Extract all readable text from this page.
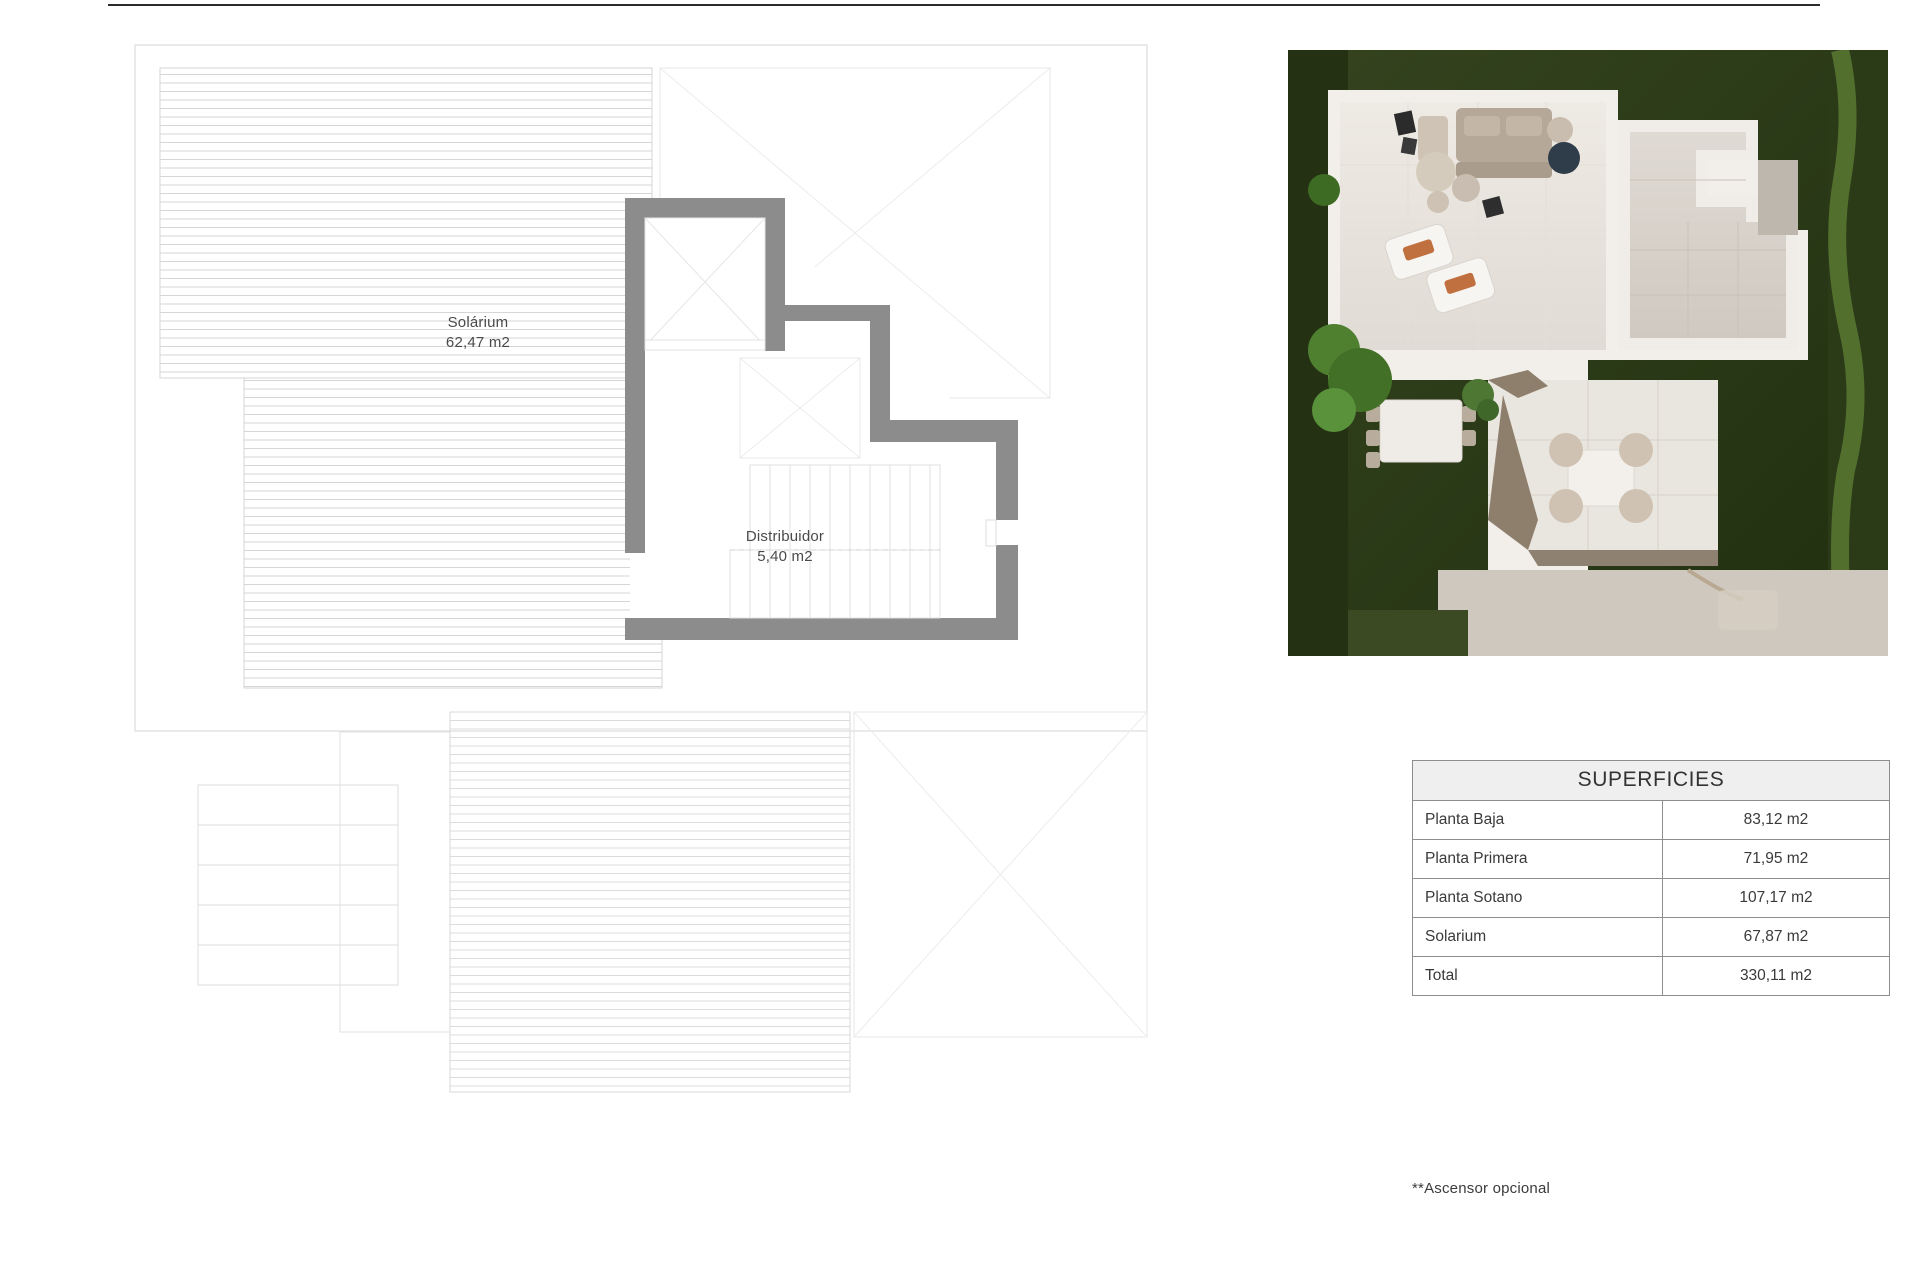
Solárium
62,47 m2
Distribuidor
5,40 m2
SUPERFICIES	
Planta Baja	83,12 m2
Planta Primera	71,95 m2
Planta Sotano	107,17 m2
Solarium	67,87 m2
Total	330,11 m2
**Ascensor opcional
